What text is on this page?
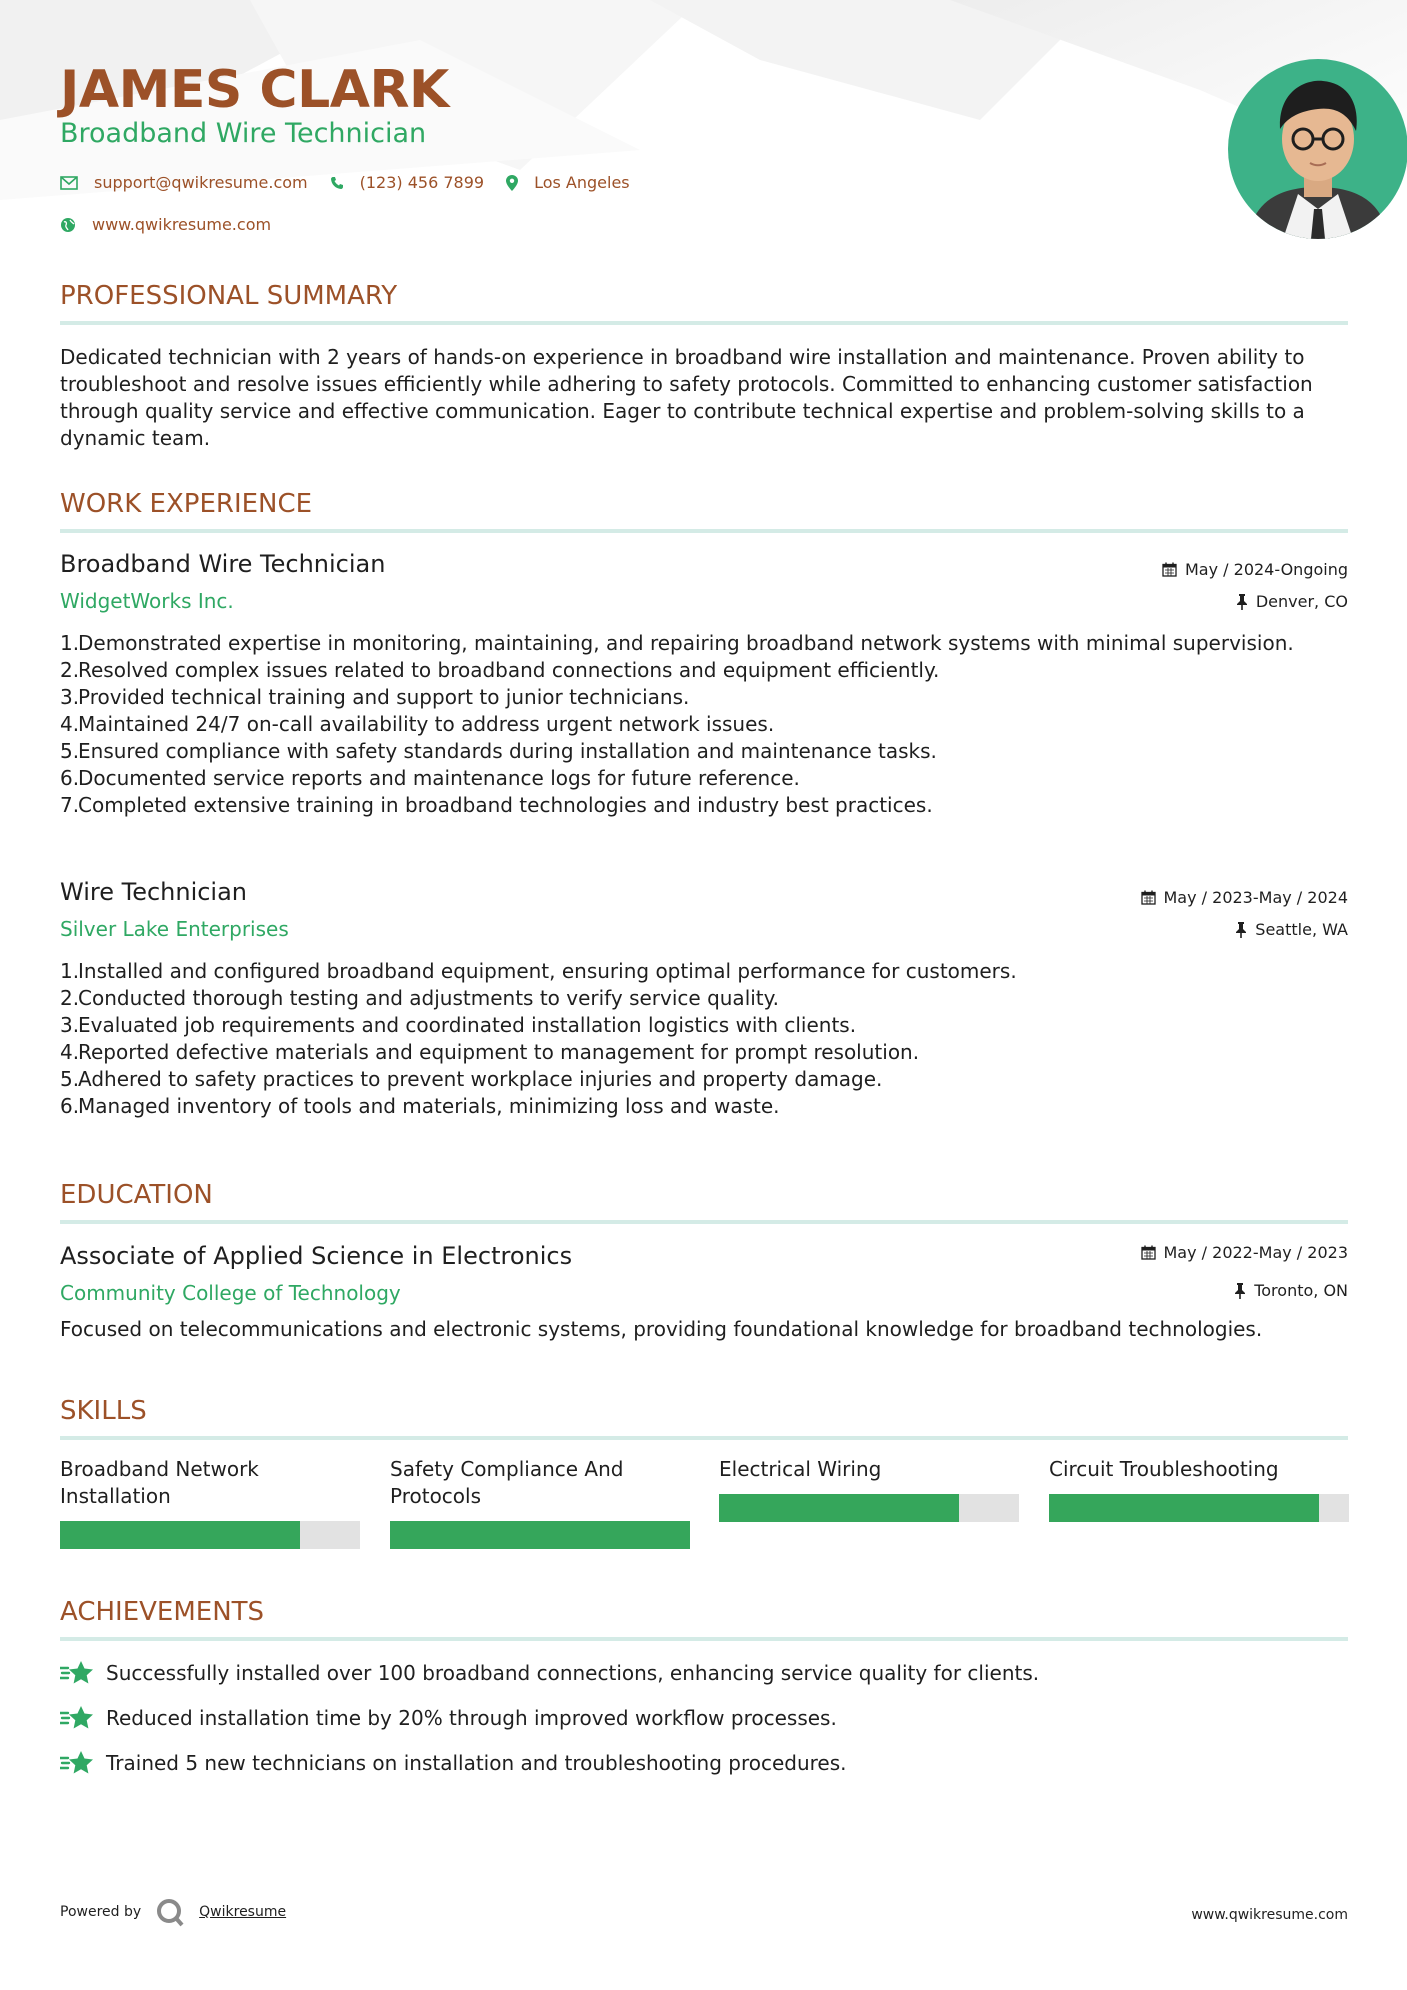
JAMES CLARK
Broadband Wire Technician
support@qwikresume.com	(123) 456 7899	Los Angeles
www.qwikresume.com
PROFESSIONAL SUMMARY
Dedicated technician with 2 years of hands-on experience in broadband wire installation and maintenance. Proven ability to troubleshoot and resolve issues efficiently while adhering to safety protocols. Committed to enhancing customer satisfaction through quality service and effective communication. Eager to contribute technical expertise and problem-solving skills to a dynamic team.
WORK EXPERIENCE
Broadband Wire Technician
WidgetWorks Inc.
May / 2024-Ongoing
Denver, CO
1.
Demonstrated expertise in monitoring, maintaining, and repairing broadband network systems with minimal supervision.
2.
Resolved complex issues related to broadband connections and equipment efficiently.
3.
Provided technical training and support to junior technicians.
4.
Maintained 24/7 on-call availability to address urgent network issues.
5.
Ensured compliance with safety standards during installation and maintenance tasks.
6.
Documented service reports and maintenance logs for future reference.
7.
Completed extensive training in broadband technologies and industry best practices.
Wire Technician
Silver Lake Enterprises
May / 2023-May / 2024
Seattle, WA
1.
Installed and configured broadband equipment, ensuring optimal performance for customers.
2.
Conducted thorough testing and adjustments to verify service quality.
3.
Evaluated job requirements and coordinated installation logistics with clients.
4.
Reported defective materials and equipment to management for prompt resolution.
5.
Adhered to safety practices to prevent workplace injuries and property damage.
6.
Managed inventory of tools and materials, minimizing loss and waste.
EDUCATION
Associate of Applied Science in Electronics
Community College of Technology
May / 2022-May / 2023
Toronto, ON
Focused on telecommunications and electronic systems, providing foundational knowledge for broadband technologies.
SKILLS
Broadband Network Installation
Safety Compliance And Protocols
Electrical Wiring	Circuit Troubleshooting
ACHIEVEMENTS
Successfully installed over 100 broadband connections, enhancing service quality for clients.
Reduced installation time by 20% through improved workflow processes.
Trained 5 new technicians on installation and troubleshooting procedures.
Powered by	Qwikresume	www.qwikresume.com
